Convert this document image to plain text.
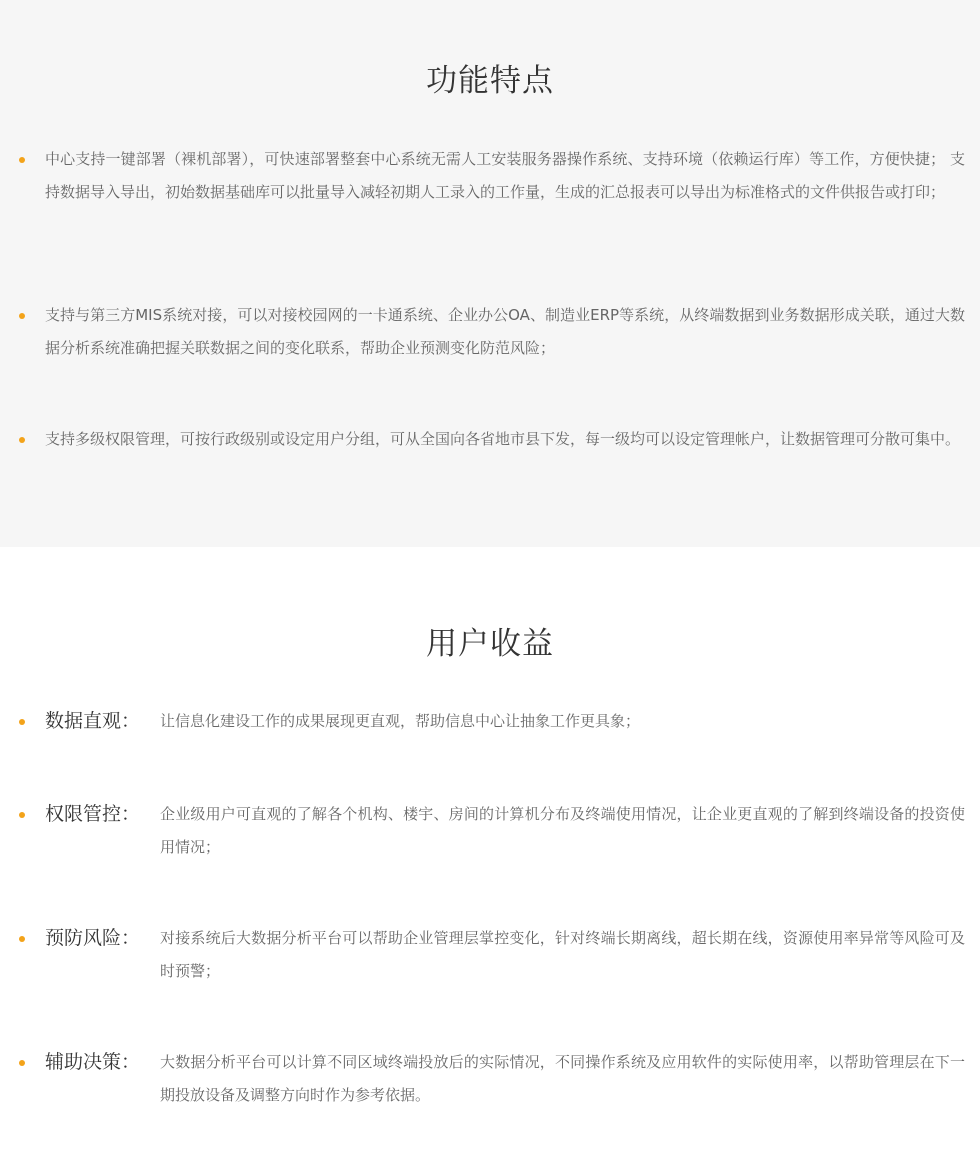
功能特点
中心支持一键部署（裸机部署），可快速部署整套中心系统无需人工安装服务器操作系统、支持环境（依赖运行库）等工作，方便快捷； 支持数据导入导出，初始数据基础库可以批量导入减轻初期人工录入的工作量，生成的汇总报表可以导出为标准格式的文件供报告或打印；
支持与第三方MIS系统对接，可以对接校园网的一卡通系统、企业办公OA、制造业ERP等系统，从终端数据到业务数据形成关联，通过大数据分析系统准确把握关联数据之间的变化联系，帮助企业预测变化防范风险；
支持多级权限管理，可按行政级别或设定用户分组，可从全国向各省地市县下发，每一级均可以设定管理帐户，让数据管理可分散可集中。
用户收益
数据直观：	让信息化建设工作的成果展现更直观，帮助信息中心让抽象工作更具象；
权限管控：	企业级用户可直观的了解各个机构、楼宇、房间的计算机分布及终端使用情况，让企业更直观的了解到终端设备的投资使用情况；
预防风险：	对接系统后大数据分析平台可以帮助企业管理层掌控变化，针对终端长期离线，超长期在线，资源使用率异常等风险可及时预警；
辅助决策：	大数据分析平台可以计算不同区域终端投放后的实际情况，不同操作系统及应用软件的实际使用率，以帮助管理层在下一期投放设备及调整方向时作为参考依据。
